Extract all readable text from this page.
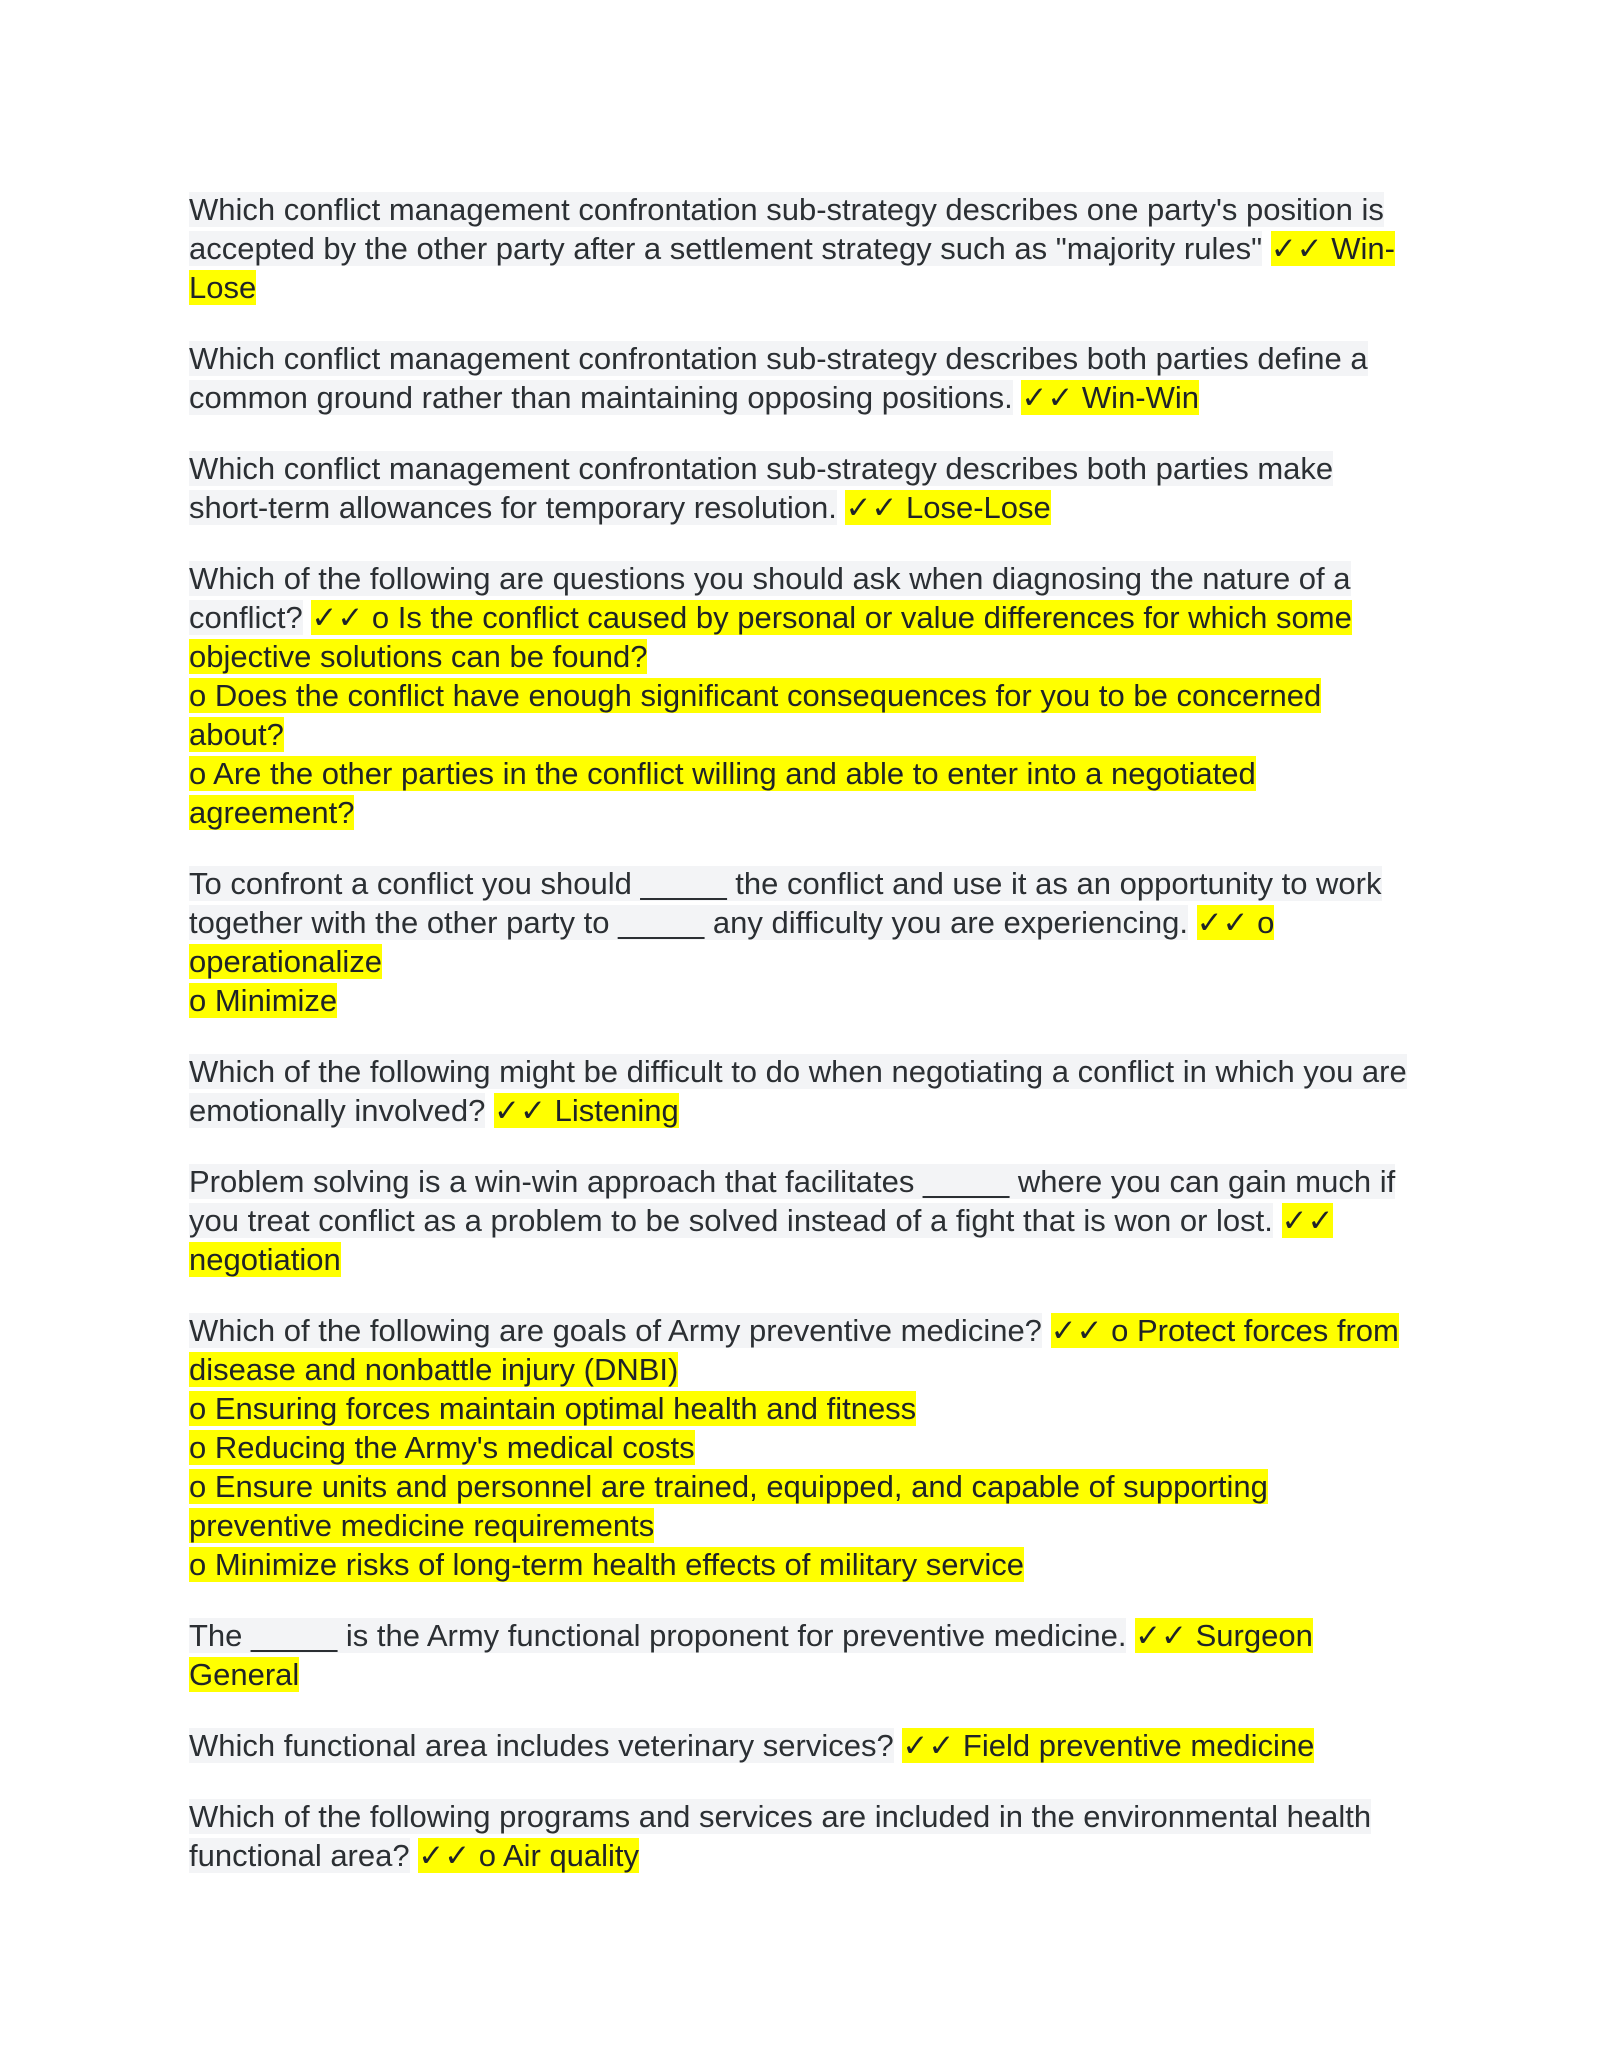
Which conflict management confrontation sub-strategy describes one party's position is accepted by the other party after a settlement strategy such as "majority rules" ✓✓ Win-Lose
Which conflict management confrontation sub-strategy describes both parties define a common ground rather than maintaining opposing positions. ✓✓ Win-Win
Which conflict management confrontation sub-strategy describes both parties make short-term allowances for temporary resolution. ✓✓ Lose-Lose
Which of the following are questions you should ask when diagnosing the nature of a conflict? ✓✓ o Is the conflict caused by personal or value differences for which some objective solutions can be found?
o Does the conflict have enough significant consequences for you to be concerned about?
o Are the other parties in the conflict willing and able to enter into a negotiated agreement?
To confront a conflict you should _____ the conflict and use it as an opportunity to work together with the other party to _____ any difficulty you are experiencing. ✓✓ o operationalize
o Minimize
Which of the following might be difficult to do when negotiating a conflict in which you are emotionally involved? ✓✓ Listening
Problem solving is a win-win approach that facilitates _____ where you can gain much if you treat conflict as a problem to be solved instead of a fight that is won or lost. ✓✓ negotiation
Which of the following are goals of Army preventive medicine? ✓✓ o Protect forces from disease and nonbattle injury (DNBI)
o Ensuring forces maintain optimal health and fitness
o Reducing the Army's medical costs
o Ensure units and personnel are trained, equipped, and capable of supporting preventive medicine requirements
o Minimize risks of long-term health effects of military service
The _____ is the Army functional proponent for preventive medicine. ✓✓ Surgeon General
Which functional area includes veterinary services? ✓✓ Field preventive medicine
Which of the following programs and services are included in the environmental health functional area? ✓✓ o Air quality
